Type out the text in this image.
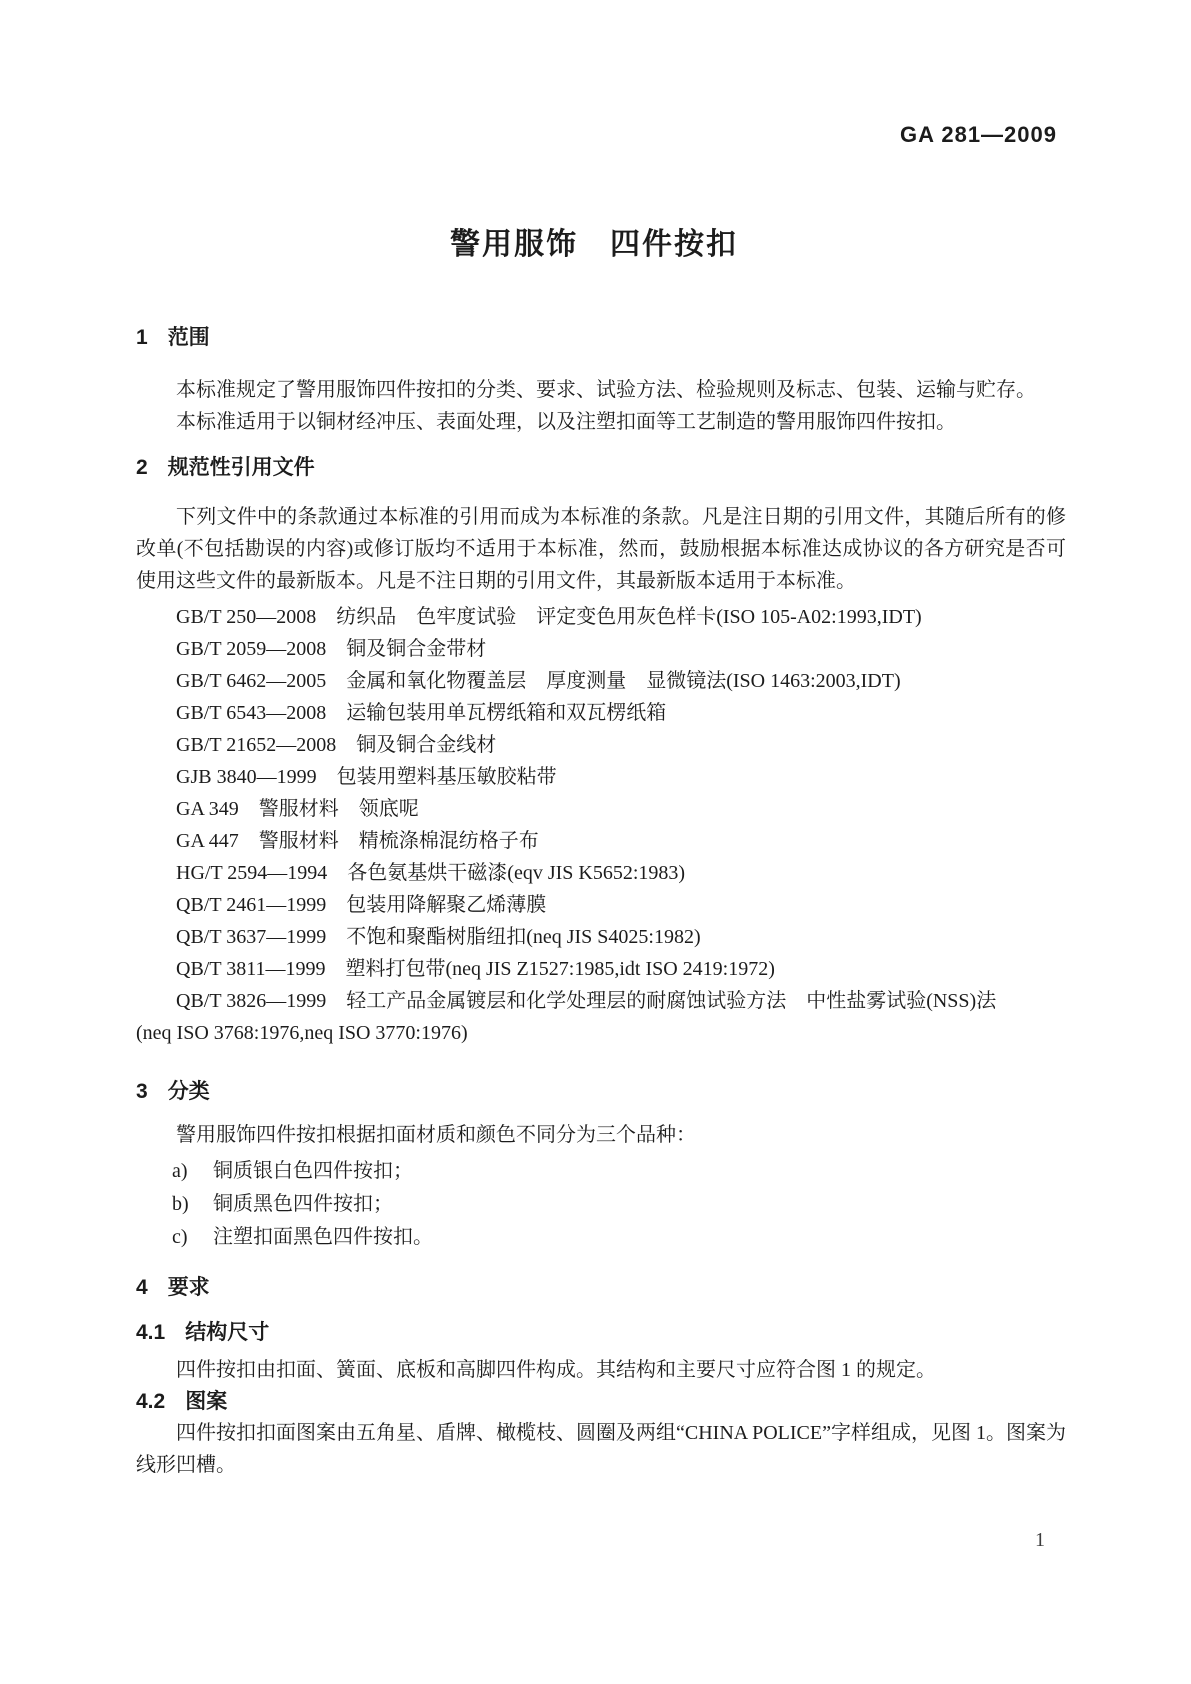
GA 281—2009
警用服饰　四件按扣
1 范围

本标准规定了警用服饰四件按扣的分类、要求、试验方法、检验规则及标志、包装、运输与贮存。

本标准适用于以铜材经冲压、表面处理，以及注塑扣面等工艺制造的警用服饰四件按扣。

2 规范性引用文件

下列文件中的条款通过本标准的引用而成为本标准的条款。凡是注日期的引用文件，其随后所有的修改单(不包括勘误的内容)或修订版均不适用于本标准，然而，鼓励根据本标准达成协议的各方研究是否可使用这些文件的最新版本。凡是不注日期的引用文件，其最新版本适用于本标准。

GB/T 250—2008　纺织品　色牢度试验　评定变色用灰色样卡(ISO 105-A02:1993,IDT)
GB/T 2059—2008　铜及铜合金带材
GB/T 6462—2005　金属和氧化物覆盖层　厚度测量　显微镜法(ISO 1463:2003,IDT)
GB/T 6543—2008　运输包装用单瓦楞纸箱和双瓦楞纸箱
GB/T 21652—2008　铜及铜合金线材
GJB 3840—1999　包装用塑料基压敏胶粘带
GA 349　警服材料　领底呢
GA 447　警服材料　精梳涤棉混纺格子布
HG/T 2594—1994　各色氨基烘干磁漆(eqv JIS K5652:1983)
QB/T 2461—1999　包装用降解聚乙烯薄膜
QB/T 3637—1999　不饱和聚酯树脂纽扣(neq JIS S4025:1982)
QB/T 3811—1999　塑料打包带(neq JIS Z1527:1985,idt ISO 2419:1972)
QB/T 3826—1999　轻工产品金属镀层和化学处理层的耐腐蚀试验方法　中性盐雾试验(NSS)法
(neq ISO 3768:1976,neq ISO 3770:1976)
3 分类

警用服饰四件按扣根据扣面材质和颜色不同分为三个品种：

a) 铜质银白色四件按扣；
b) 铜质黑色四件按扣；
c) 注塑扣面黑色四件按扣。
4 要求
4.1 结构尺寸

四件按扣由扣面、簧面、底板和高脚四件构成。其结构和主要尺寸应符合图 1 的规定。

4.2 图案

四件按扣扣面图案由五角星、盾牌、橄榄枝、圆圈及两组“CHINA POLICE”字样组成，见图 1。图案为线形凹槽。

1
